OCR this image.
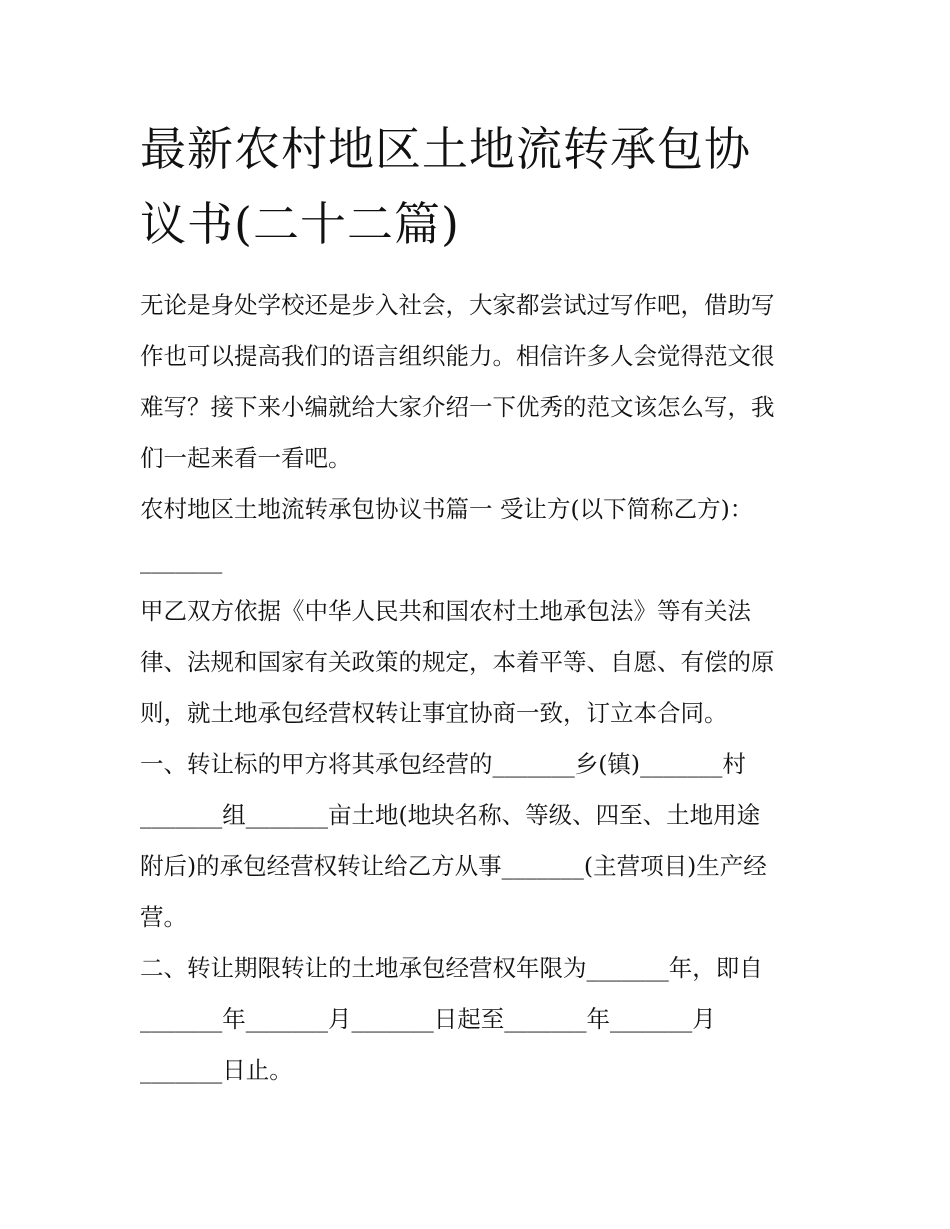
最新农村地区土地流转承包协
议书(二十二篇)

无论是身处学校还是步入社会，大家都尝试过写作吧，借助写
作也可以提高我们的语言组织能力。相信许多人会觉得范文很
难写？接下来小编就给大家介绍一下优秀的范文该怎么写，我
们一起来看一看吧。

农村地区土地流转承包协议书篇一 受让方(以下简称乙方)：
_______

甲乙双方依据《中华人民共和国农村土地承包法》等有关法
律、法规和国家有关政策的规定，本着平等、自愿、有偿的原
则，就土地承包经营权转让事宜协商一致，订立本合同。

一、转让标的甲方将其承包经营的_______乡(镇)_______村
_______组_______亩土地(地块名称、等级、四至、土地用途
附后)的承包经营权转让给乙方从事_______(主营项目)生产经
营。

二、转让期限转让的土地承包经营权年限为_______年，即自
_______年_______月_______日起至_______年_______月
_______日止。
